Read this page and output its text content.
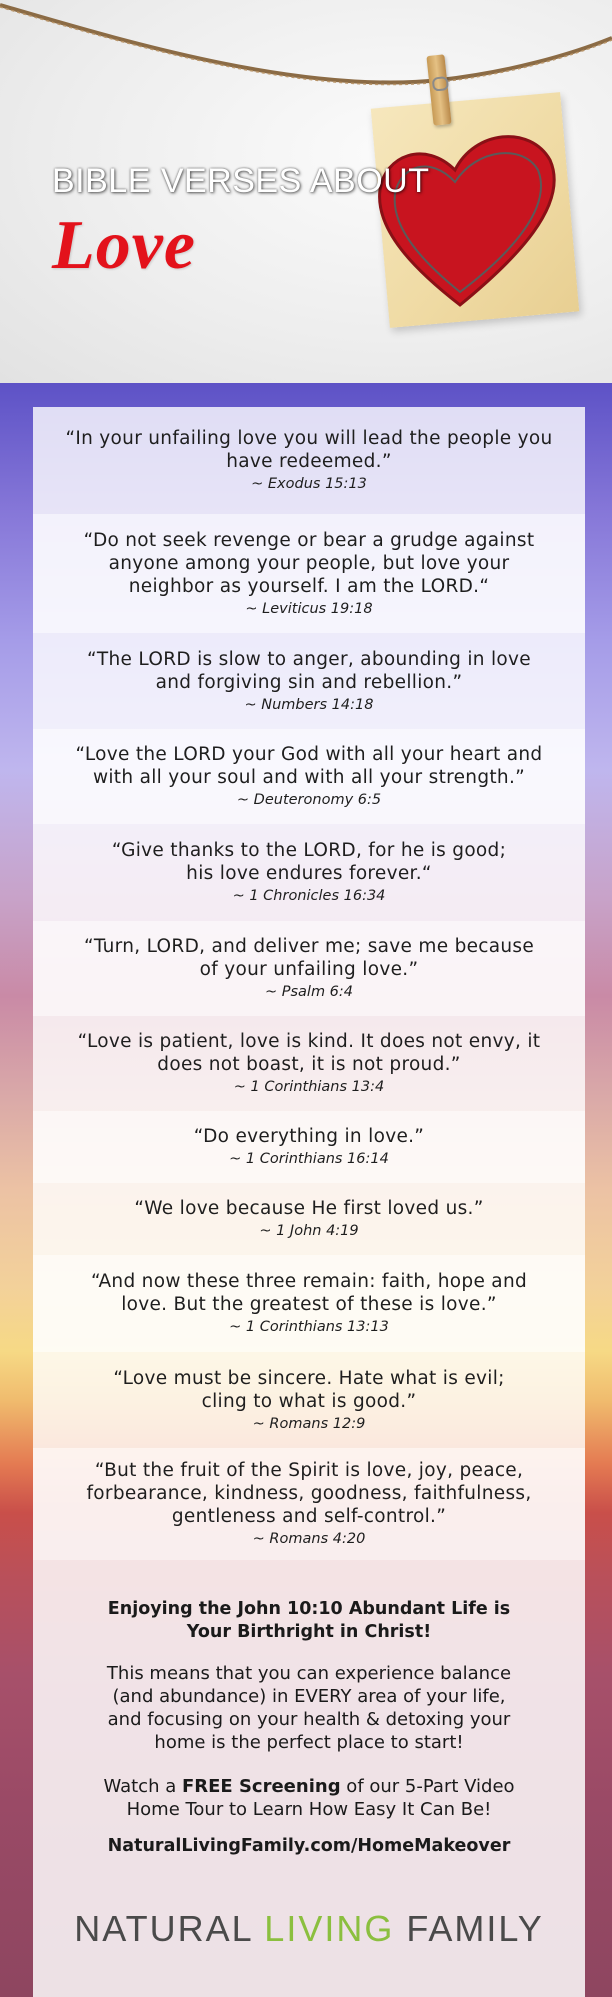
BIBLE VERSES ABOUT
Love
“In your unfailing love you will lead the people you
have redeemed.”
~ Exodus 15:13
“Do not seek revenge or bear a grudge against
anyone among your people, but love your
neighbor as yourself. I am the LORD.“
~ Leviticus 19:18
“The LORD is slow to anger, abounding in love
and forgiving sin and rebellion.”
~ Numbers 14:18
“Love the LORD your God with all your heart and
with all your soul and with all your strength.”
~ Deuteronomy 6:5
“Give thanks to the LORD, for he is good;
his love endures forever.“
~ 1 Chronicles 16:34
“Turn, LORD, and deliver me; save me because
of your unfailing love.”
~ Psalm 6:4
“Love is patient, love is kind. It does not envy, it
does not boast, it is not proud.”
~ 1 Corinthians 13:4
“Do everything in love.”
~ 1 Corinthians 16:14
“We love because He first loved us.”
~ 1 John 4:19
“And now these three remain: faith, hope and
love. But the greatest of these is love.”
~ 1 Corinthians 13:13
“Love must be sincere. Hate what is evil;
cling to what is good.”
~ Romans 12:9
“But the fruit of the Spirit is love, joy, peace,
forbearance, kindness, goodness, faithfulness,
gentleness and self-control.”
~ Romans 4:20
Enjoying the John 10:10 Abundant Life is
Your Birthright in Christ!
This means that you can experience balance
(and abundance) in EVERY area of your life,
and focusing on your health & detoxing your
home is the perfect place to start!
Watch a FREE Screening of our 5-Part Video
Home Tour to Learn How Easy It Can Be!
NaturalLivingFamily.com/HomeMakeover
NATURAL LIVING FAMILY
